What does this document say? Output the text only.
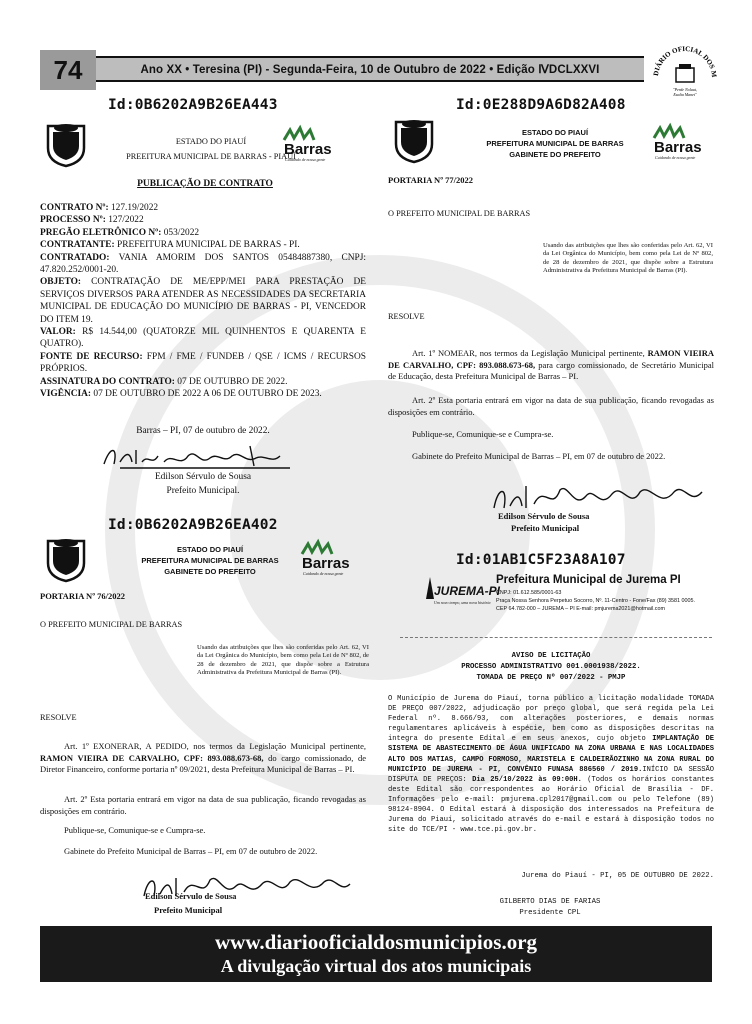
74	Ano XX • Teresina (PI) - Segunda-Feira, 10 de Outubro de 2022 • Edição ⅣDCLXXVI	DIÁRIO OFICIAL DOS M
"Perde Nolaut,
Exalta Manet"
Id:0B6202A9B26EA443
ESTADO DO PIAUÍ
PREEITURA MUNICIPAL DE BARRAS - PIAUÍ
Barras
Cuidando de nossa gente
PUBLICAÇÃO DE CONTRATO

CONTRATO Nº: 127.19/2022

PROCESSO Nº: 127/2022

PREGÃO ELETRÔNICO Nº: 053/2022

CONTRATANTE: PREFEITURA MUNICIPAL DE BARRAS - PI.

CONTRATADO: VANIA AMORIM DOS SANTOS 05484887380, CNPJ: 47.820.252/0001-20.

OBJETO: CONTRATAÇÃO DE ME/EPP/MEI PARA PRESTAÇÃO DE SERVIÇOS DIVERSOS PARA ATENDER AS NECESSIDADES DA SECRETARIA MUNICIPAL DE EDUCAÇÃO DO MUNICÍPIO DE BARRAS - PI, VENCEDOR DO ITEM 19.

VALOR: R$ 14.544,00 (QUATORZE MIL QUINHENTOS E QUARENTA E QUATRO).

FONTE DE RECURSO: FPM / FME / FUNDEB / QSE / ICMS / RECURSOS PRÓPRIOS.

ASSINATURA DO CONTRATO: 07 DE OUTUBRO DE 2022.

VIGÊNCIA: 07 DE OUTUBRO DE 2022 A 06 DE OUTUBRO DE 2023.

Barras – PI, 07 de outubro de 2022.
Edilson Sérvulo de Sousa
Prefeito Municipal.
Id:0B6202A9B26EA402
ESTADO DO PIAUÍ
PREFEITURA MUNICIPAL DE BARRAS
GABINETE DO PREFEITO	Barras
Cuidando de nossa gente
PORTARIA Nº 76/2022
O PREFEITO MUNICIPAL DE BARRAS
Usando das atribuições que lhes são conferidas pelo Art. 62, VI da Lei Orgânica do Município, bem como pela Lei de Nº 802, de 28 de dezembro de 2021, que dispõe sobre a Estrutura Administrativa da Prefeitura Municipal de Barras (PI).
RESOLVE
Art. 1º EXONERAR, A PEDIDO, nos termos da Legislação Municipal pertinente, RAMON VIEIRA DE CARVALHO, CPF: 893.088.673-68, do cargo comissionado, de Diretor Financeiro, conforme portaria nº 09/2021, desta Prefeitura Municipal de Barras – PI.
Art. 2º Esta portaria entrará em vigor na data de sua publicação, ficando revogadas as disposições em contrário.
Publique-se, Comunique-se e Cumpra-se.
Gabinete do Prefeito Municipal de Barras – PI, em 07 de outubro de 2022.
Edilson Sérvulo de Sousa
Prefeito Municipal
Id:0E288D9A6D82A408
ESTADO DO PIAUÍ
PREFEITURA MUNICIPAL DE BARRAS
GABINETE DO PREFEITO	Barras
Cuidando de nossa gente
PORTARIA Nº 77/2022
O PREFEITO MUNICIPAL DE BARRAS
Usando das atribuições que lhes são conferidas pelo Art. 62, VI da Lei Orgânica do Município, bem como pela Lei de Nº 802, de 28 de dezembro de 2021, que dispõe sobre a Estrutura Administrativa da Prefeitura Municipal de Barras (PI).
RESOLVE
Art. 1º NOMEAR, nos termos da Legislação Municipal pertinente, RAMON VIEIRA DE CARVALHO, CPF: 893.088.673-68, para cargo comissionado, de Secretário Municipal de Educação, desta Prefeitura Municipal de Barras – PI.
Art. 2º Esta portaria entrará em vigor na data de sua publicação, ficando revogadas as disposições em contrário.
Publique-se, Comunique-se e Cumpra-se.
Gabinete do Prefeito Municipal de Barras – PI, em 07 de outubro de 2022.
Edilson Sérvulo de Sousa
Prefeito Municipal
Id:01AB1C5F23A8A107
JUREMA-PI
Um novo tempo, uma nova história
Prefeitura Municipal de Jurema PI
CNPJ: 01.612.585/0001-63
Praça Nossa Senhora Perpetuo Socorro, Nº. 11-Centro - Fone/Fax (89) 3581 0005.
CEP 64.782-000 – JUREMA – PI E-mail: pmjurema2021@hotmail.com
AVISO DE LICITAÇÃO
PROCESSO ADMINISTRATIVO 001.0001938/2022.
TOMADA DE PREÇO Nº 007/2022 - PMJP
O Município de Jurema do Piauí, torna público a licitação modalidade TOMADA DE PREÇO 007/2022, adjudicação por preço global, que será regida pela Lei Federal nº. 8.666/93, com alterações posteriores, e demais normas regulamentares aplicáveis à espécie, bem como as disposições descritas na integra do presente Edital e em seus anexos, cujo objeto IMPLANTAÇÃO DE SISTEMA DE ABASTECIMENTO DE ÁGUA UNIFICADO NA ZONA URBANA E NAS LOCALIDADES ALTO DOS MATIAS, CAMPO FORMOSO, MARISTELA E CALDEIRÃOZINHO NA ZONA RURAL DO MUNICÍPIO DE JUREMA - PI, CONVÊNIO FUNASA 886560 / 2019.INÍCIO DA SESSÃO DISPUTA DE PREÇOS: Dia 25/10/2022 às 09:00H. (Todos os horários constantes deste Edital são correspondentes ao Horário Oficial de Brasília - DF. Informações pelo e-mail: pmjurema.cpl2017@gmail.com ou pelo Telefone (89) 98124-8904. O Edital estará à disposição dos interessados na Prefeitura de Jurema do Piauí, solicitado através do e-mail e estará à disposição todos no site do TCE/PI - www.tce.pi.gov.br.
Jurema do Piauí - PI, 05 DE OUTUBRO DE 2022.
GILBERTO DIAS DE FARIAS
Presidente CPL
www.diariooficialdosmunicipios.org
A divulgação virtual dos atos municipais
